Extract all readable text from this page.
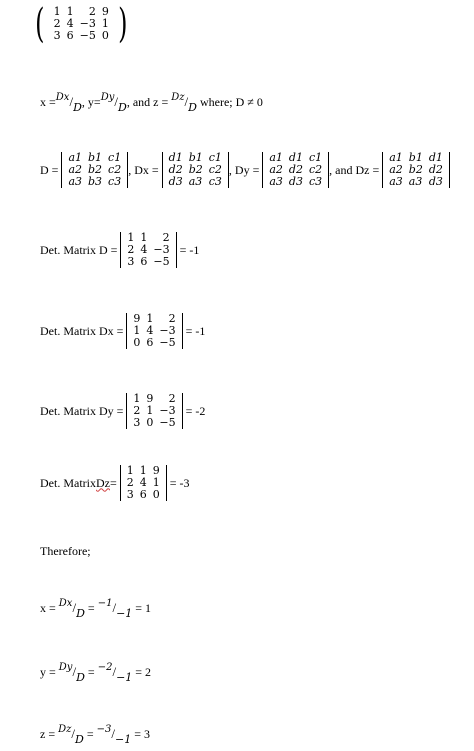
( 1 1	2 9
2 4 −3 1
3 6 −5 0 )
x = Dx / D , y= Dy / D , and z = Dz / D where; D ≠ 0
D =
a1 b1 c1
a2 b2 c2
a3 b3 c3
, Dx =
d1 b1 c1
d2 b2 c2
d3 a3 c3
, Dy =
a1 d1 c1
a2 d2 c2
a3 d3 c3
, and Dz =
a1 b1 d1
a2 b2 d2
a3 a3 d3
Det. Matrix D =
1 1	2
2 4 −3
3 6 −5
= -1
Det. Matrix Dx =
9 1	2
1 4 −3
0 6 −5
= -1
Det. Matrix Dy =
1 9	2
2 1 −3
3 0 −5
= -2
Det. Matrix Dz =
1 1 9
2 4 1
3 6 0
= -3
Therefore;
x = Dx / D = −1 / −1 = 1
y = Dy / D = −2 / −1 = 2
z = Dz / D = −3 / −1 = 3
